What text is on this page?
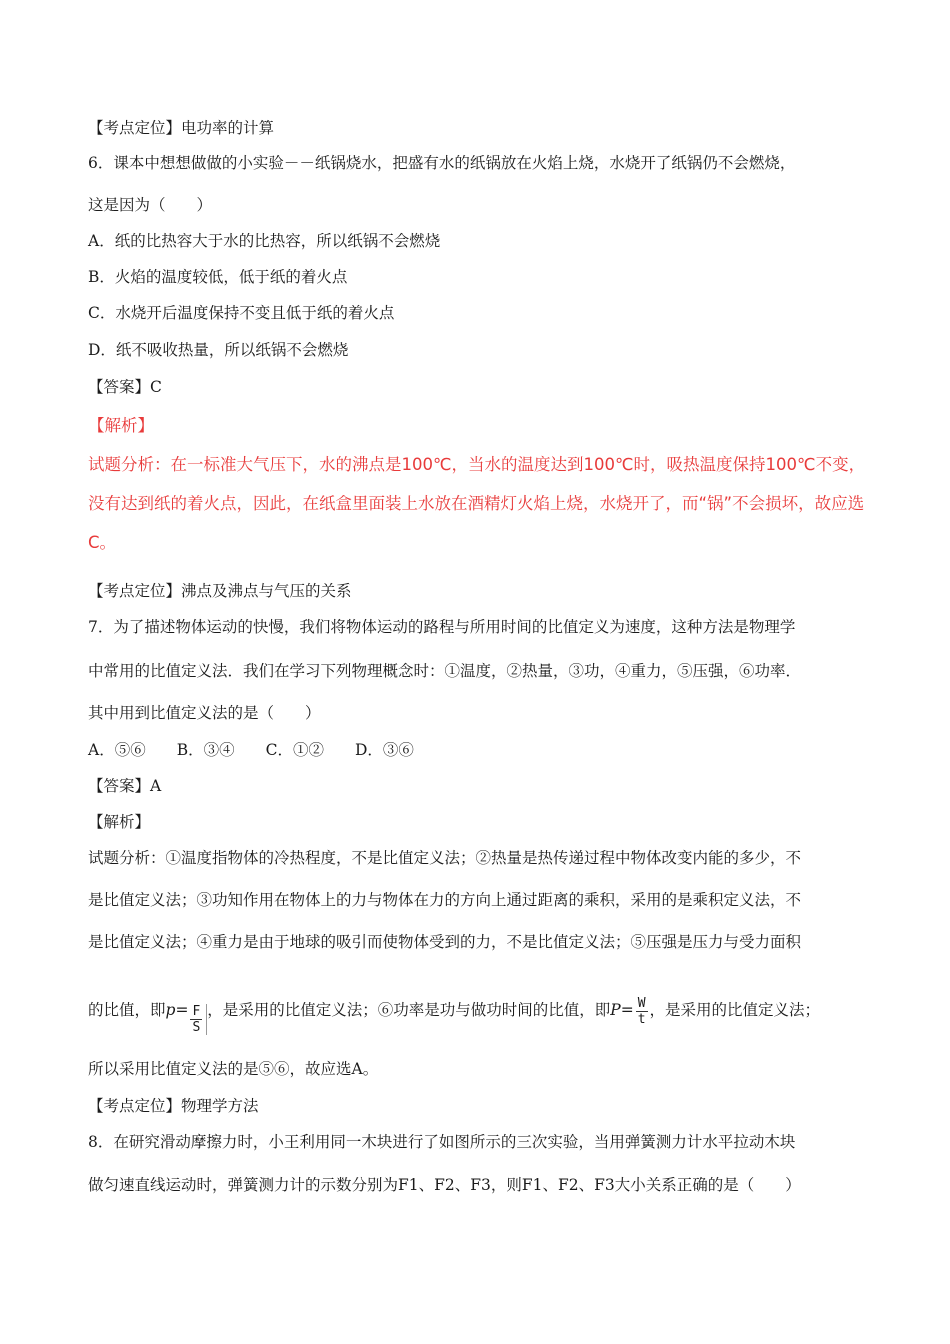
【考点定位】电功率的计算
6．课本中想想做做的小实验－－纸锅烧水，把盛有水的纸锅放在火焰上烧，水烧开了纸锅仍不会燃烧，
这是因为（　　）
A．纸的比热容大于水的比热容，所以纸锅不会燃烧
B．火焰的温度较低，低于纸的着火点
C．水烧开后温度保持不变且低于纸的着火点
D．纸不吸收热量，所以纸锅不会燃烧
【答案】C
【解析】
试题分析：在一标准大气压下，水的沸点是100℃，当水的温度达到100℃时，吸热温度保持100℃不变，
没有达到纸的着火点，因此，在纸盒里面装上水放在酒精灯火焰上烧，水烧开了，而“锅”不会损坏，故应选
C。
【考点定位】沸点及沸点与气压的关系
7．为了描述物体运动的快慢，我们将物体运动的路程与所用时间的比值定义为速度，这种方法是物理学
中常用的比值定义法．我们在学习下列物理概念时：①温度，②热量，③功，④重力，⑤压强，⑥功率．
其中用到比值定义法的是（　　）
A．⑤⑥　　B．③④　　C．①②　　D．③⑥
【答案】A
【解析】
试题分析：①温度指物体的冷热程度，不是比值定义法；②热量是热传递过程中物体改变内能的多少，不
是比值定义法；③功知作用在物体上的力与物体在力的方向上通过距离的乘积，采用的是乘积定义法，不
是比值定义法；④重力是由于地球的吸引而使物体受到的力，不是比值定义法；⑤压强是压力与受力面积
的比值，即$p= \frac{F}{S}$ ，是采用的比值定义法；⑥功率是功与做功时间的比值，即$P= \frac{W}{t}$ ，是采用的比值定义法；
所以采用比值定义法的是⑤⑥，故应选A。
【考点定位】物理学方法
8．在研究滑动摩擦力时，小王利用同一木块进行了如图所示的三次实验，当用弹簧测力计水平拉动木块
做匀速直线运动时，弹簧测力计的示数分别为F1、F2、F3，则F1、F2、F3大小关系正确的是（　　）
